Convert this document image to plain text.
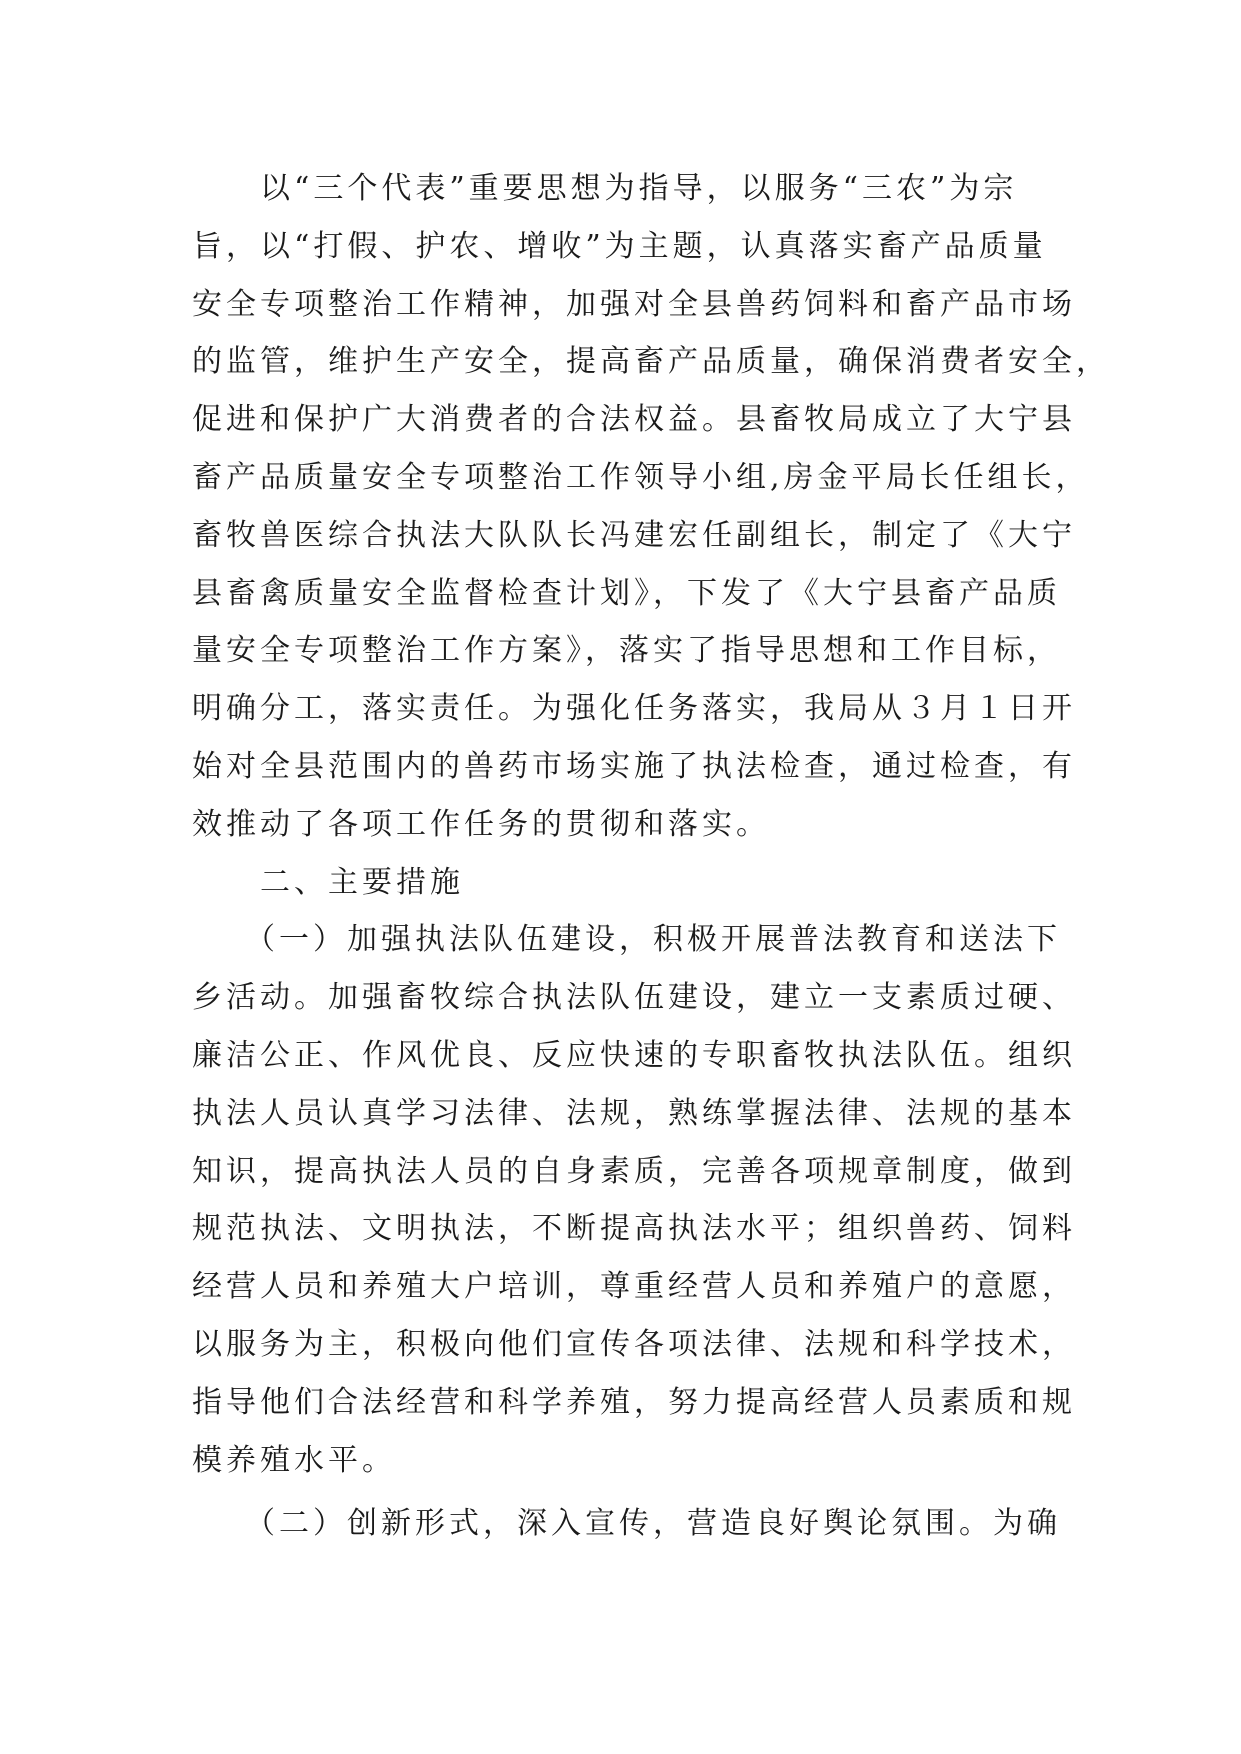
　　以“三个代表”重要思想为指导，以服务“三农”为宗
旨，以“打假、护农、增收”为主题，认真落实畜产品质量
安全专项整治工作精神，加强对全县兽药饲料和畜产品市场
的监管，维护生产安全，提高畜产品质量，确保消费者安全，
促进和保护广大消费者的合法权益。县畜牧局成立了大宁县
畜产品质量安全专项整治工作领导小组,房金平局长任组长，
畜牧兽医综合执法大队队长冯建宏任副组长，制定了《大宁
县畜禽质量安全监督检查计划》，下发了《大宁县畜产品质
量安全专项整治工作方案》，落实了指导思想和工作目标，
明确分工，落实责任。为强化任务落实，我局从３月１日开
始对全县范围内的兽药市场实施了执法检查，通过检查，有
效推动了各项工作任务的贯彻和落实。
　　二、主要措施
　　（一）加强执法队伍建设，积极开展普法教育和送法下
乡活动。加强畜牧综合执法队伍建设，建立一支素质过硬、
廉洁公正、作风优良、反应快速的专职畜牧执法队伍。组织
执法人员认真学习法律、法规，熟练掌握法律、法规的基本
知识，提高执法人员的自身素质，完善各项规章制度，做到
规范执法、文明执法，不断提高执法水平；组织兽药、饲料
经营人员和养殖大户培训，尊重经营人员和养殖户的意愿，
以服务为主，积极向他们宣传各项法律、法规和科学技术，
指导他们合法经营和科学养殖，努力提高经营人员素质和规
模养殖水平。
　　（二）创新形式，深入宣传，营造良好舆论氛围。为确
